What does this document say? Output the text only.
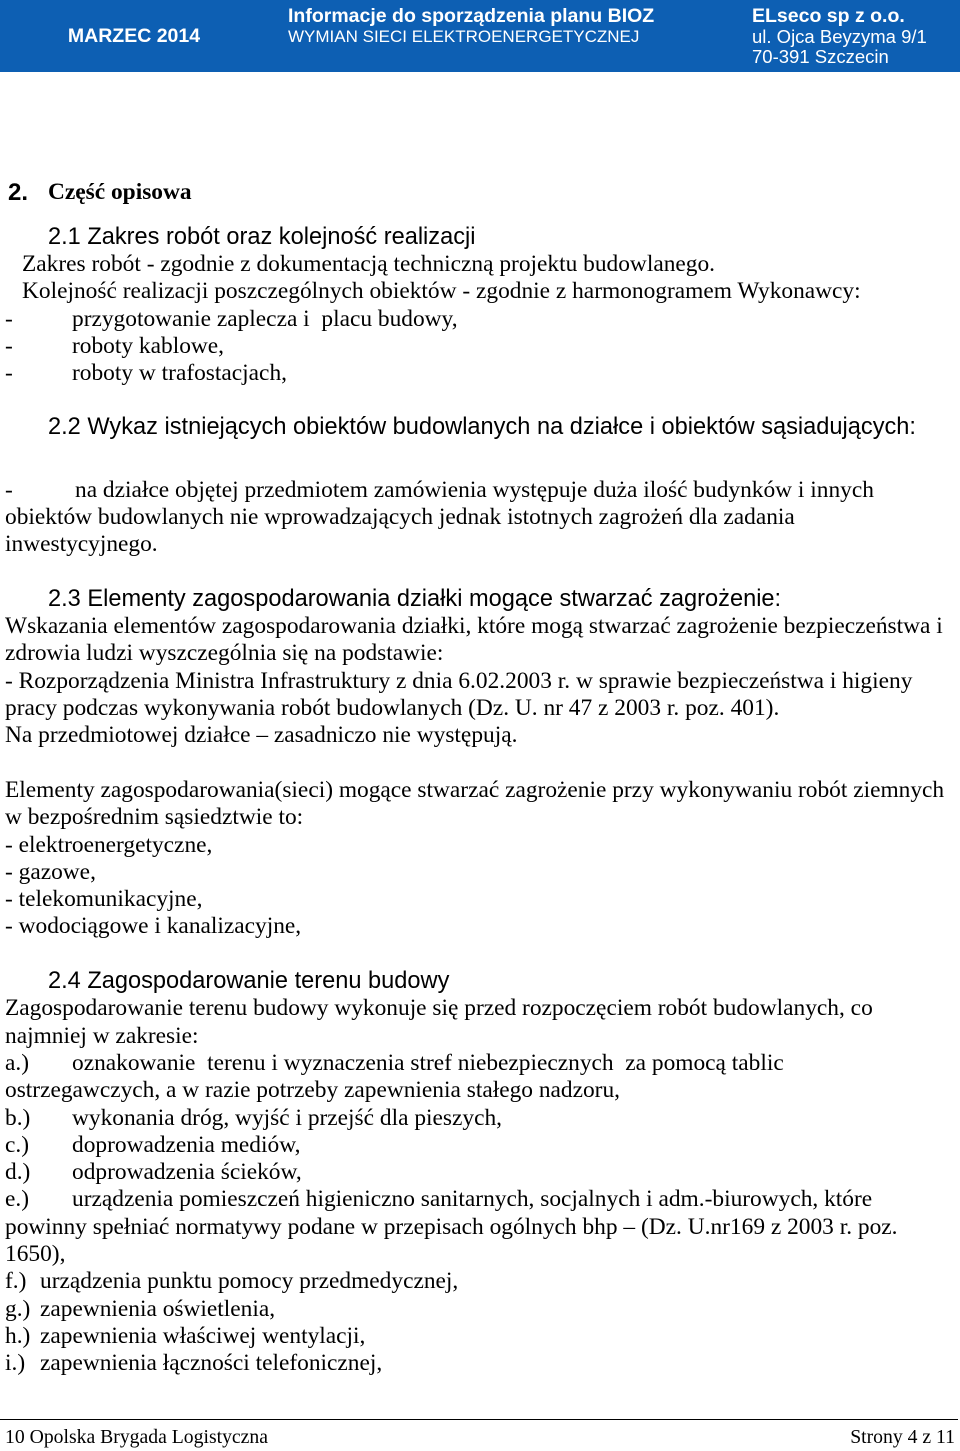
MARZEC 2014
Informacje do sporządzenia planu BIOZ
WYMIAN SIECI ELEKTROENERGETYCZNEJ
ELseco sp z o.o.
ul. Ojca Beyzyma 9/1
70-391 Szczecin
2. Część opisowa
2.1 Zakres robót oraz kolejność realizacji
Zakres robót - zgodnie z dokumentacją techniczną projektu budowlanego.
Kolejność realizacji poszczególnych obiektów - zgodnie z harmonogramem Wykonawcy:
-	przygotowanie zaplecza i  placu budowy,
-	roboty kablowe,
-	roboty w trafostacjach,
2.2 Wykaz istniejących obiektów budowlanych na działce i obiektów sąsiadujących:
-	na działce objętej przedmiotem zamówienia występuje duża ilość budynków i innych
obiektów budowlanych nie wprowadzających jednak istotnych zagrożeń dla zadania
inwestycyjnego.
2.3 Elementy zagospodarowania działki mogące stwarzać zagrożenie:
Wskazania elementów zagospodarowania działki, które mogą stwarzać zagrożenie bezpieczeństwa i
zdrowia ludzi wyszczególnia się na podstawie:
- Rozporządzenia Ministra Infrastruktury z dnia 6.02.2003 r. w sprawie bezpieczeństwa i higieny
pracy podczas wykonywania robót budowlanych (Dz. U. nr 47 z 2003 r. poz. 401).
Na przedmiotowej działce – zasadniczo nie występują.
Elementy zagospodarowania(sieci) mogące stwarzać zagrożenie przy wykonywaniu robót ziemnych
w bezpośrednim sąsiedztwie to:
- elektroenergetyczne,
- gazowe,
- telekomunikacyjne,
- wodociągowe i kanalizacyjne,
2.4 Zagospodarowanie terenu budowy
Zagospodarowanie terenu budowy wykonuje się przed rozpoczęciem robót budowlanych, co
najmniej w zakresie:
a.) oznakowanie  terenu i wyznaczenia stref niebezpiecznych  za pomocą tablic
ostrzegawczych, a w razie potrzeby zapewnienia stałego nadzoru,
b.) wykonania dróg, wyjść i przejść dla pieszych,
c.) doprowadzenia mediów,
d.) odprowadzenia ścieków,
e.) urządzenia pomieszczeń higieniczno sanitarnych, socjalnych i adm.-biurowych, które
powinny spełniać normatywy podane w przepisach ogólnych bhp – (Dz. U.nr169 z 2003 r. poz.
1650),
f.) urządzenia punktu pomocy przedmedycznej,
g.) zapewnienia oświetlenia,
h.) zapewnienia właściwej wentylacji,
i.) zapewnienia łączności telefonicznej,
10 Opolska Brygada Logistyczna	Strony 4 z 11
